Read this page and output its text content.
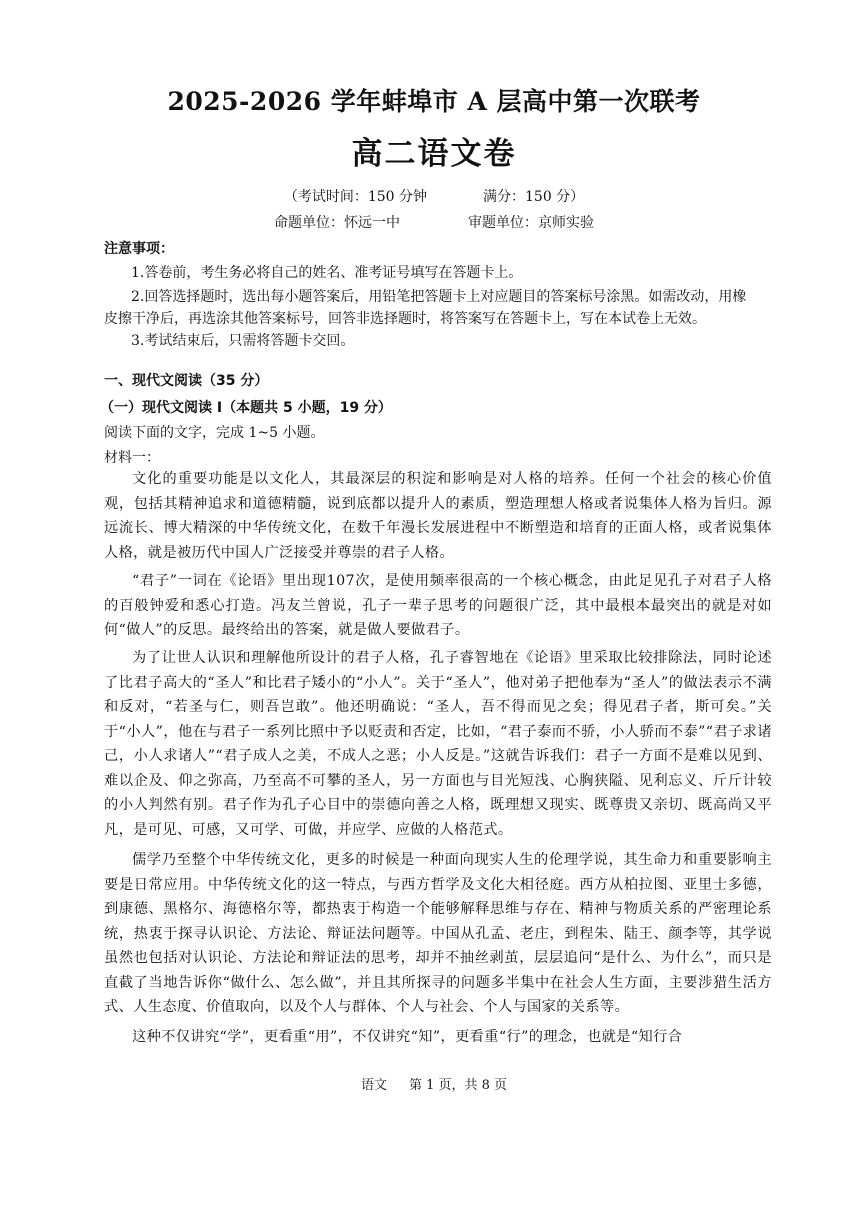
2025-2026 学年蚌埠市 A 层高中第一次联考
高二语文卷
（考试时间：150 分钟	满分：150 分）
命题单位：怀远一中	审题单位：京师实验
注意事项：
1.答卷前，考生务必将自己的姓名、准考证号填写在答题卡上。
2.回答选择题时，选出每小题答案后，用铅笔把答题卡上对应题目的答案标号涂黑。如需改动，用橡
皮擦干净后，再选涂其他答案标号，回答非选择题时，将答案写在答题卡上，写在本试卷上无效。
3.考试结束后，只需将答题卡交回。
一、现代文阅读（35 分）
（一）现代文阅读 I（本题共 5 小题，19 分）
阅读下面的文字，完成 1~5 小题。
材料一：
文化的重要功能是以文化人，其最深层的积淀和影响是对人格的培养。任何一个社会的核心价值观，包括其精神追求和道德精髓，说到底都以提升人的素质，塑造理想人格或者说集体人格为旨归。源远流长、博大精深的中华传统文化，在数千年漫长发展进程中不断塑造和培育的正面人格，或者说集体人格，就是被历代中国人广泛接受并尊崇的君子人格。
“君子”一词在《论语》里出现107次，是使用频率很高的一个核心概念，由此足见孔子对君子人格的百般钟爱和悉心打造。冯友兰曾说，孔子一辈子思考的问题很广泛，其中最根本最突出的就是对如何“做人”的反思。最终给出的答案，就是做人要做君子。
为了让世人认识和理解他所设计的君子人格，孔子睿智地在《论语》里采取比较排除法，同时论述了比君子高大的“圣人”和比君子矮小的“小人”。关于“圣人”，他对弟子把他奉为“圣人”的做法表示不满和反对，“若圣与仁，则吾岂敢”。他还明确说：“圣人，吾不得而见之矣；得见君子者，斯可矣。”关于“小人”，他在与君子一系列比照中予以贬责和否定，比如，“君子泰而不骄，小人骄而不泰”“君子求诸己，小人求诸人”“君子成人之美，不成人之恶；小人反是。”这就告诉我们：君子一方面不是难以见到、难以企及、仰之弥高，乃至高不可攀的圣人，另一方面也与目光短浅、心胸狭隘、见利忘义、斤斤计较的小人判然有别。君子作为孔子心目中的崇德向善之人格，既理想又现实、既尊贵又亲切、既高尚又平凡，是可见、可感，又可学、可做，并应学、应做的人格范式。
儒学乃至整个中华传统文化，更多的时候是一种面向现实人生的伦理学说，其生命力和重要影响主要是日常应用。中华传统文化的这一特点，与西方哲学及文化大相径庭。西方从柏拉图、亚里士多德，到康德、黑格尔、海德格尔等，都热衷于构造一个能够解释思维与存在、精神与物质关系的严密理论系统，热衷于探寻认识论、方法论、辩证法问题等。中国从孔孟、老庄，到程朱、陆王、颜李等，其学说虽然也包括对认识论、方法论和辩证法的思考，却并不抽丝剥茧，层层追问“是什么、为什么”，而只是直截了当地告诉你“做什么、怎么做”，并且其所探寻的问题多半集中在社会人生方面，主要涉猎生活方式、人生态度、价值取向，以及个人与群体、个人与社会、个人与国家的关系等。
这种不仅讲究“学”，更看重“用”，不仅讲究“知”，更看重“行”的理念，也就是“知行合
语文 第 1 页，共 8 页
